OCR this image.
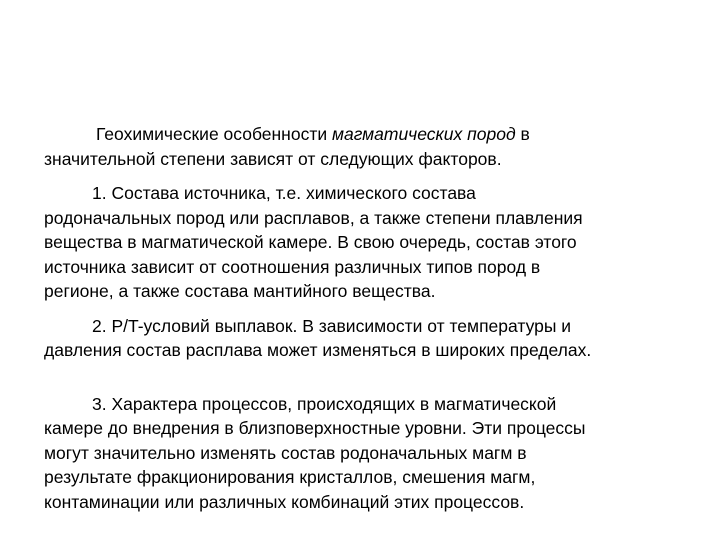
Геохимические особенности магматических пород в
значительной степени зависят от следующих факторов.

1. Состава источника, т.е. химического состава
родоначальных пород или расплавов, а также степени плавления
вещества в магматической камере. В свою очередь, состав этого
источника зависит от соотношения различных типов пород в
регионе, а также состава мантийного вещества.

2. P/T-условий выплавок. В зависимости от температуры и
давления состав расплава может изменяться в широких пределах.

3. Характера процессов, происходящих в магматической
камере до внедрения в близповерхностные уровни. Эти процессы
могут значительно изменять состав родоначальных магм в
результате фракционирования кристаллов, смешения магм,
контаминации или различных комбинаций этих процессов.
